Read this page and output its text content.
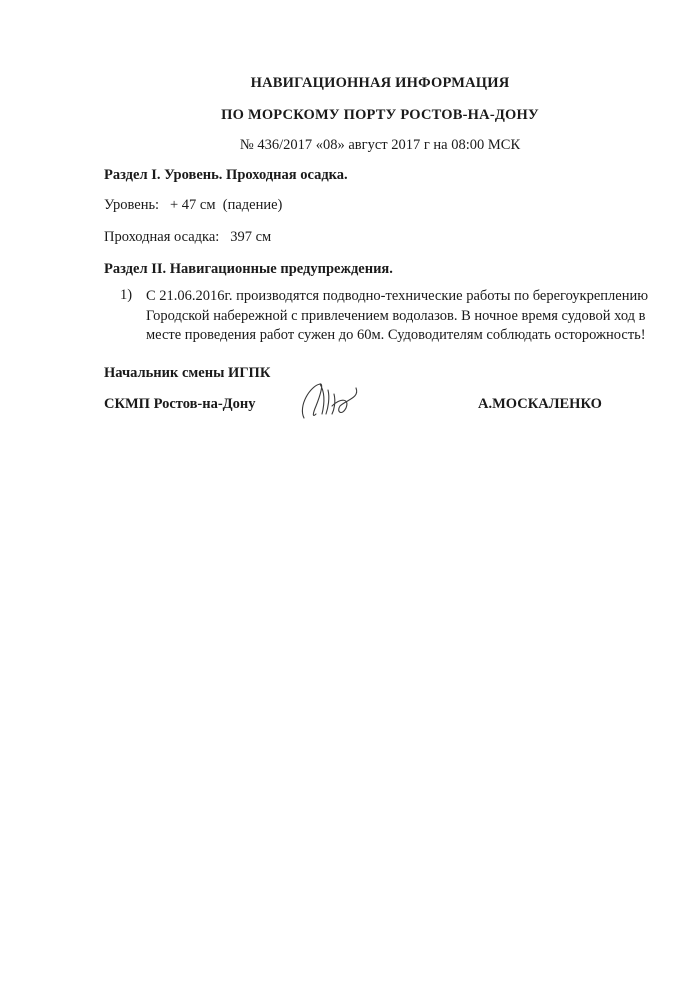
НАВИГАЦИОННАЯ ИНФОРМАЦИЯ
ПО МОРСКОМУ ПОРТУ РОСТОВ-НА-ДОНУ
№ 436/2017 «08» август 2017 г на 08:00 МСК
Раздел I. Уровень. Проходная осадка.
Уровень:   + 47 см  (падение)
Проходная осадка:   397 см
Раздел II. Навигационные предупреждения.
1) С 21.06.2016г. производятся подводно-технические работы по берегоукреплению
Городской набережной с привлечением водолазов. В ночное время судовой ход в
месте проведения работ сужен до 60м. Судоводителям соблюдать осторожность!
Начальник смены ИГПК
СКМП Ростов-на-Дону	А.МОСКАЛЕНКО
